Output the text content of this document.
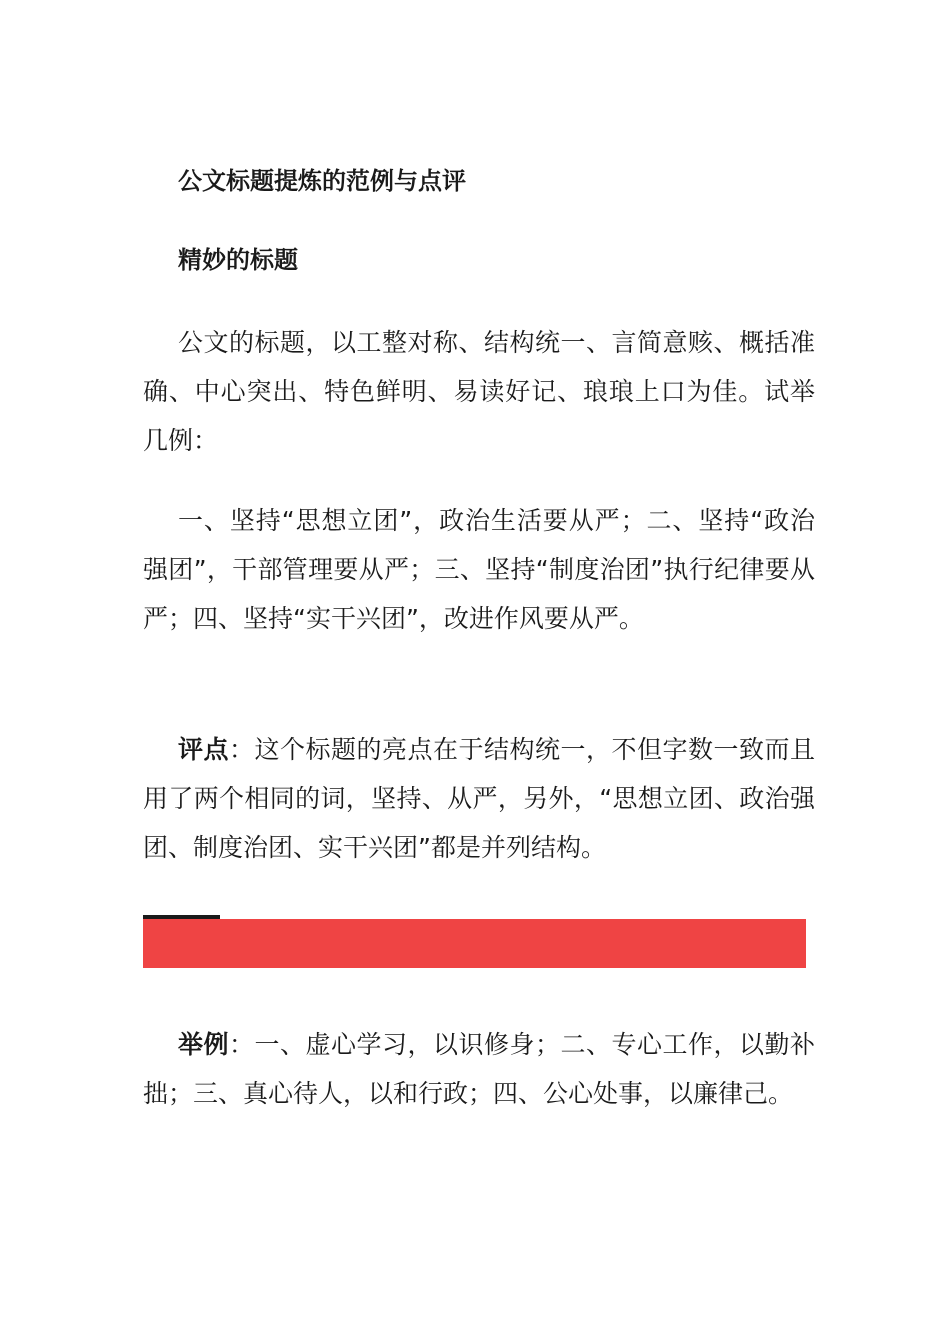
公文标题提炼的范例与点评
精妙的标题

公文的标题，以工整对称、结构统一、言简意赅、概括准确、中心突出、特色鲜明、易读好记、琅琅上口为佳。试举几例：

一、坚持“思想立团”，政治生活要从严；二、坚持“政治强团”，干部管理要从严；三、坚持“制度治团”执行纪律要从严；四、坚持“实干兴团”，改进作风要从严。

评点：这个标题的亮点在于结构统一，不但字数一致而且用了两个相同的词，坚持、从严，另外，“思想立团、政治强团、制度治团、实干兴团”都是并列结构。

举例：一、虚心学习，以识修身；二、专心工作，以勤补拙；三、真心待人，以和行政；四、公心处事，以廉律己。
